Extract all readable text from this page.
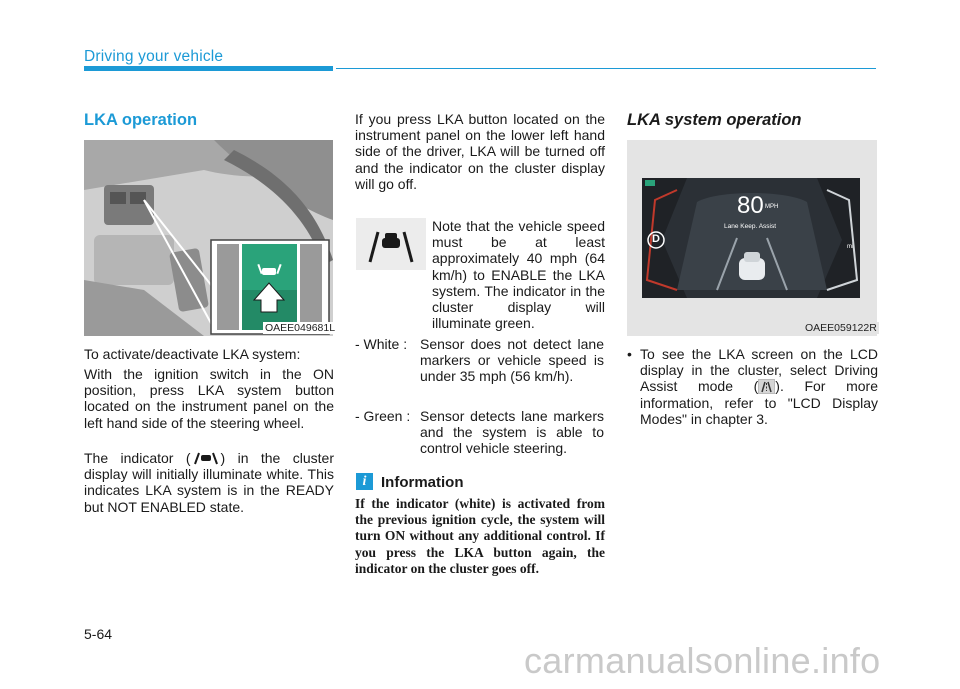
Driving your vehicle
LKA operation
OAEE049681L

To activate/deactivate LKA system:

With the ignition switch in the ON position, press LKA system button located on the instrument panel on the left hand side of the steering wheel.

The indicator ( ) in the cluster display will initially illuminate white. This indicates LKA system is in the READY but NOT ENABLED state.

If you press LKA button located on the instrument panel on the lower left hand side of the driver, LKA will be turned off and the indicator on the cluster display will go off.

Note that the vehicle speed must be at least approximately 40 mph (64 km/h) to ENABLE the LKA system. The indicator in the cluster display will illuminate green.

- White : Sensor does not detect lane markers or vehicle speed is under 35 mph (56 km/h).
- Green : Sensor detects lane markers and the system is able to control vehicle steering.
i Information

If the indicator (white) is activated from the previous ignition cycle, the system will turn ON without any additional control. If you press the LKA button again, the indicator on the cluster goes off.

LKA system operation
80 MPH
Lane Keep. Assist
D
mi
OAEE059122R
• To see the LKA screen on the LCD display in the cluster, select Driving Assist mode ( ). For more information, refer to "LCD Display Modes" in chapter 3.
5-64
carmanualsonline.info
